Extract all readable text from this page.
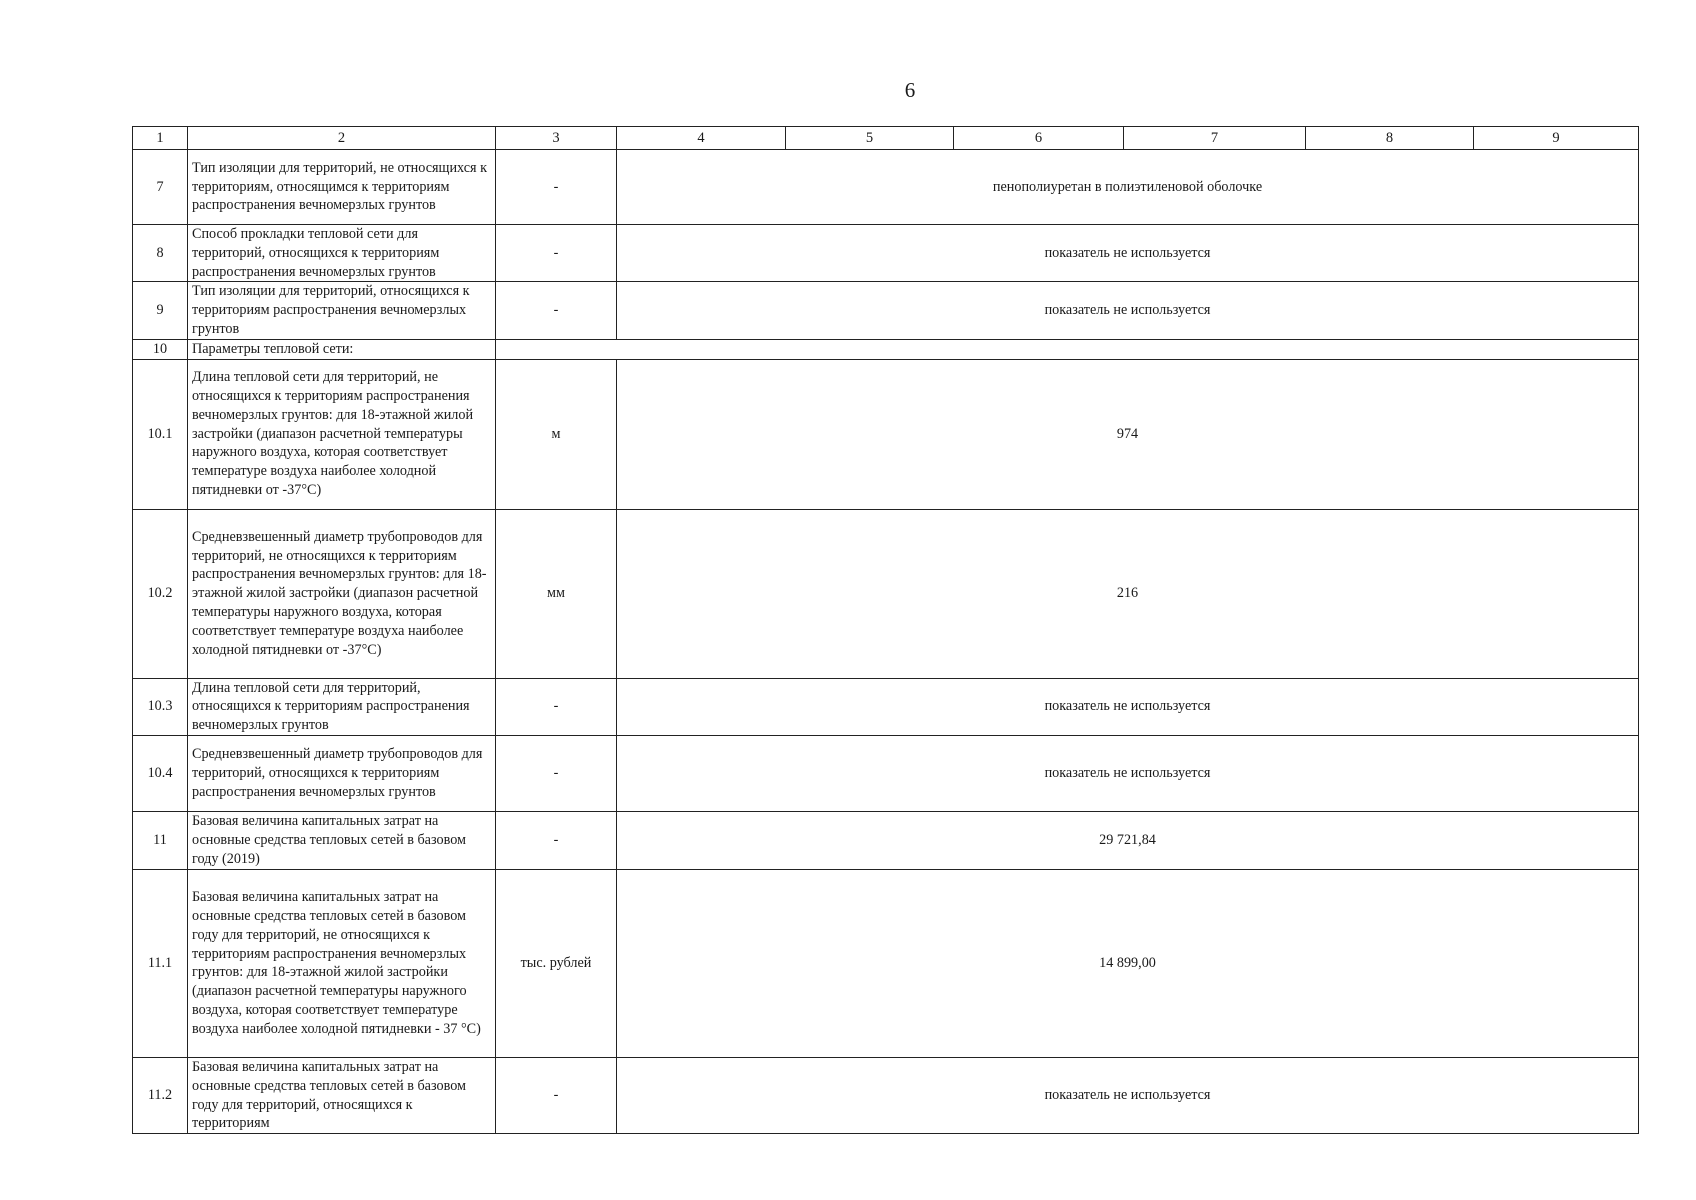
6
1	2	3	4	5	6	7	8	9
7	Тип изоляции для территорий, не относящихся к территориям, относящимся к территориям распространения вечномерзлых грунтов	-	пенополиуретан в полиэтиленовой оболочке					
8	Способ прокладки тепловой сети для территорий, относящихся к территориям распространения вечномерзлых грунтов	-	показатель не используется					
9	Тип изоляции для территорий, относящихся к территориям распространения вечномерзлых грунтов	-	показатель не используется					
10	Параметры тепловой сети:							
10.1	Длина тепловой сети для территорий, не относящихся к территориям распространения вечномерзлых грунтов: для 18-этажной жилой застройки (диапазон расчетной температуры наружного воздуха, которая соответствует температуре воздуха наиболее холодной пятидневки от -37°С)	м	974					
10.2	Средневзвешенный диаметр трубопроводов для территорий, не относящихся к территориям распространения вечномерзлых грунтов: для 18-этажной жилой застройки (диапазон расчетной температуры наружного воздуха, которая соответствует температуре воздуха наиболее холодной пятидневки от -37°С)	мм	216					
10.3	Длина тепловой сети для территорий, относящихся к территориям распространения вечномерзлых грунтов	-	показатель не используется					
10.4	Средневзвешенный диаметр трубопроводов для территорий, относящихся к территориям распространения вечномерзлых грунтов	-	показатель не используется					
11	Базовая величина капитальных затрат на основные средства тепловых сетей в базовом году (2019)	-	29 721,84					
11.1	Базовая величина капитальных затрат на основные средства тепловых сетей в базовом году для территорий, не относящихся к территориям распространения вечномерзлых грунтов: для 18-этажной жилой застройки (диапазон расчетной температуры наружного воздуха, которая соответствует температуре воздуха наиболее холодной пятидневки - 37 °С)	тыс. рублей	14 899,00					
11.2	Базовая величина капитальных затрат на основные средства тепловых сетей в базовом году для территорий, относящихся к территориям	-	показатель не используется					
